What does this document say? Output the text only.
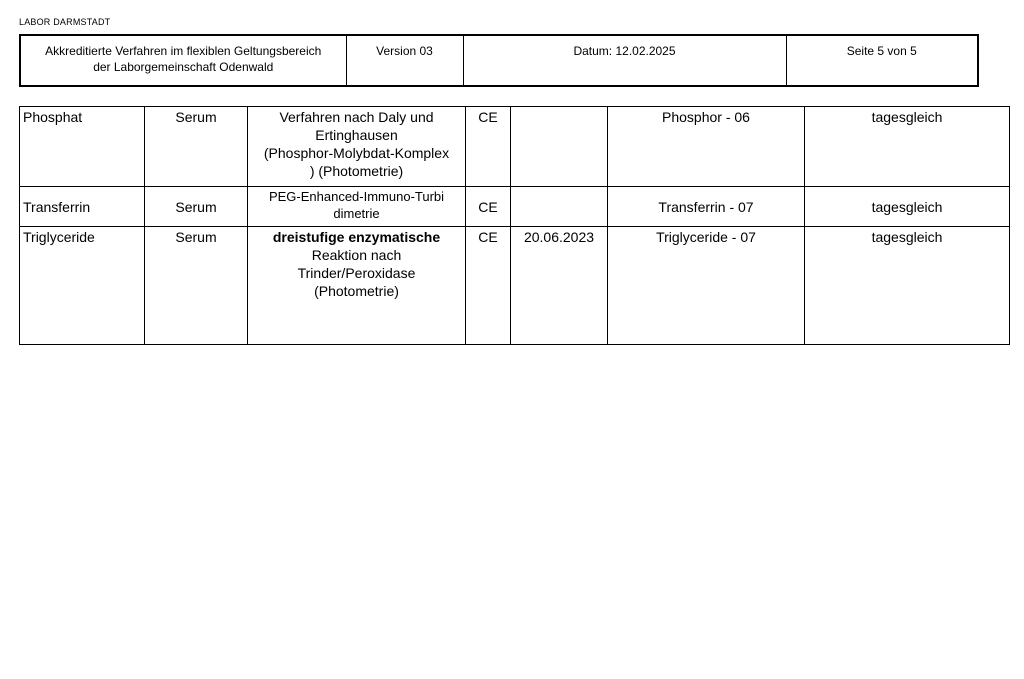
LABOR DARMSTADT
Akkreditierte Verfahren im flexiblen Geltungsbereich
der Laborgemeinschaft Odenwald
	Version 03	Datum: 12.02.2025	Seite 5 von 5
Phosphat	Serum	Verfahren nach Daly und
Ertinghausen
(Phosphor-Molybdat-Komplex
) (Photometrie)	CE		Phosphor - 06	tagesgleich
Transferrin	Serum	PEG-Enhanced-Immuno-Turbi
dimetrie	CE		Transferrin - 07	tagesgleich
Triglyceride	Serum	dreistufige enzymatische
Reaktion nach
Trinder/Peroxidase
(Photometrie)	CE	20.06.2023	Triglyceride - 07	tagesgleich
